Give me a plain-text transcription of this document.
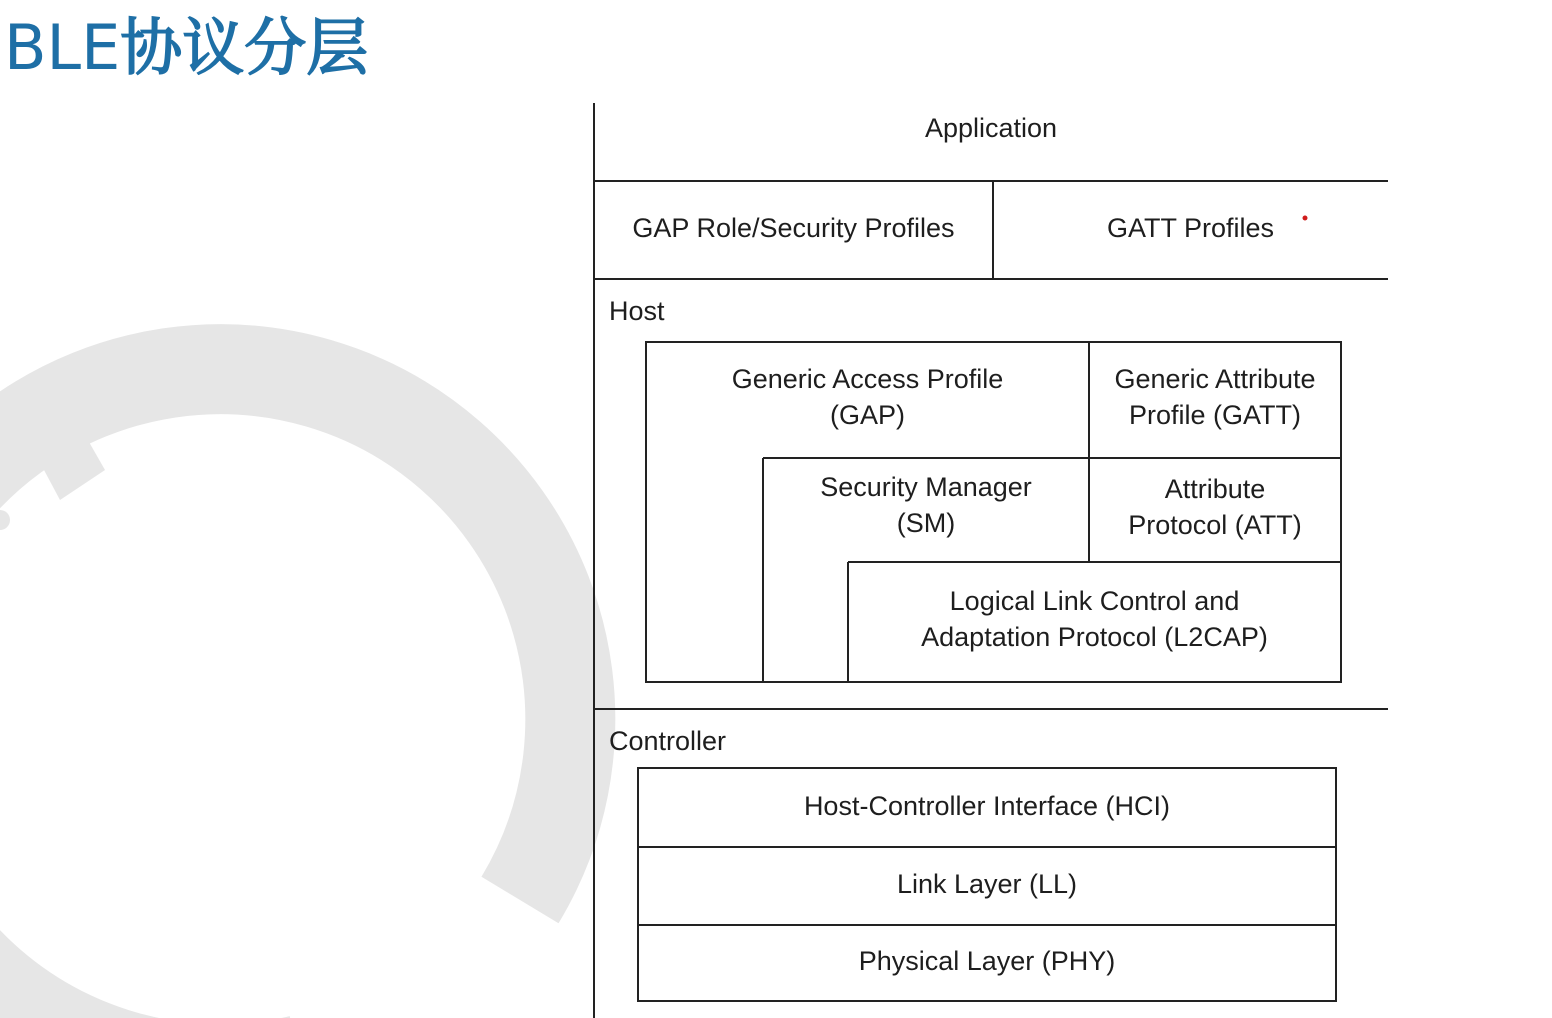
BLE协议分层
Application
GAP Role/Security Profiles	GATT Profiles
Host
Generic Access Profile
(GAP)
Generic Attribute
Profile (GATT)
Security Manager
(SM)
Attribute
Protocol (ATT)
Logical Link Control and
Adaptation Protocol (L2CAP)
Controller
Host-Controller Interface (HCI)
Link Layer (LL)
Physical Layer (PHY)
